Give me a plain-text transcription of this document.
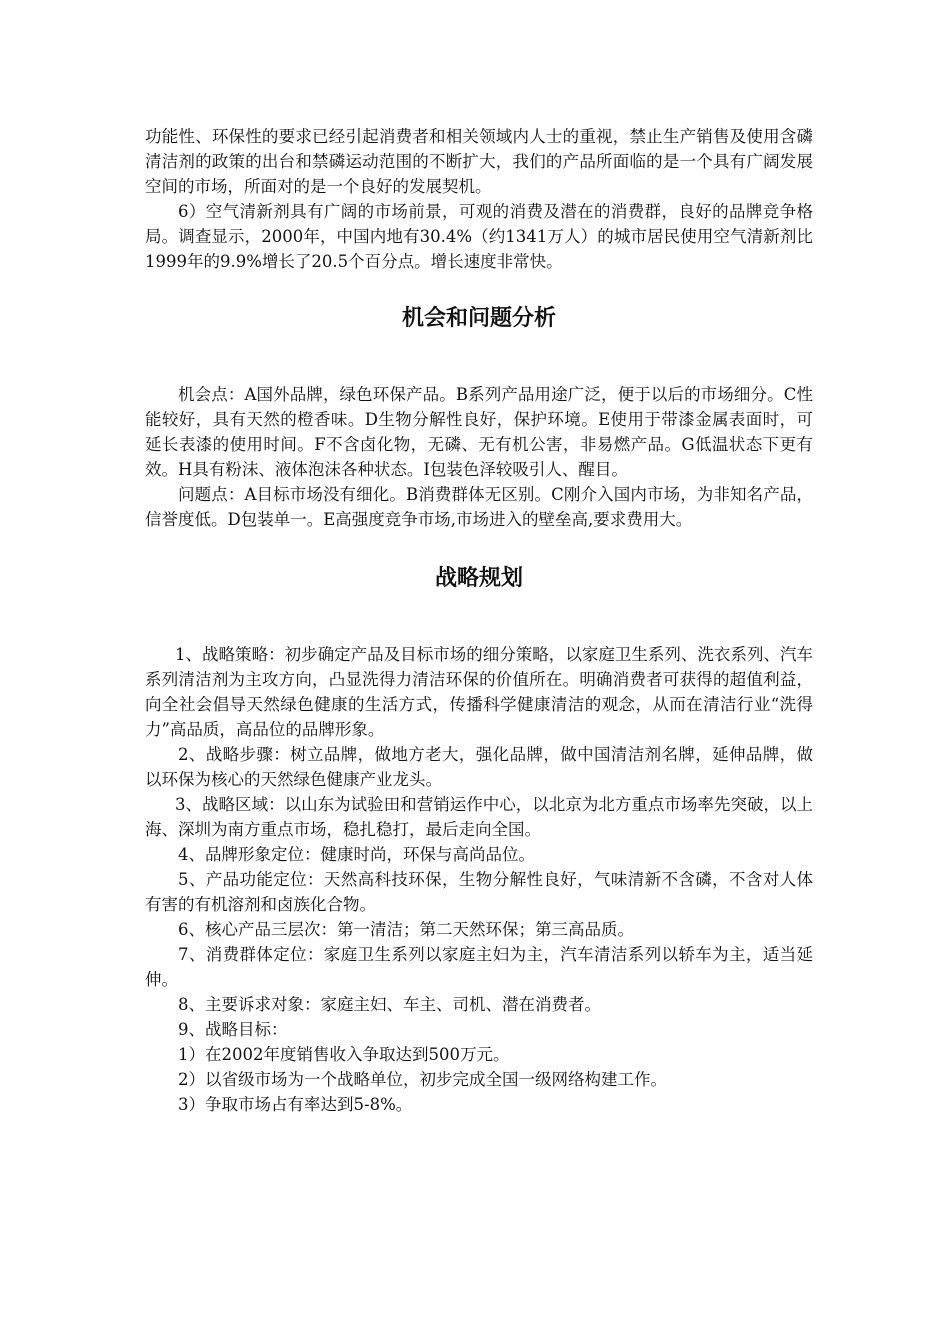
功能性、环保性的要求已经引起消费者和相关领域内人士的重视，禁止生产销售及使用含磷清洁剂的政策的出台和禁磷运动范围的不断扩大，我们的产品所面临的是一个具有广阔发展空间的市场，所面对的是一个良好的发展契机。

6）空气清新剂具有广阔的市场前景，可观的消费及潜在的消费群，良好的品牌竞争格局。调查显示，2000年，中国内地有30.4%（约1341万人）的城市居民使用空气清新剂比1999年的9.9%增长了20.5个百分点。增长速度非常快。

机会和问题分析

机会点：A国外品牌，绿色环保产品。B系列产品用途广泛，便于以后的市场细分。C性能较好，具有天然的橙香味。D生物分解性良好，保护环境。E使用于带漆金属表面时，可延长表漆的使用时间。F不含卤化物，无磷、无有机公害，非易燃产品。G低温状态下更有效。H具有粉沫、液体泡沫各种状态。I包装色泽较吸引人、醒目。

问题点：A目标市场没有细化。B消费群体无区别。C刚介入国内市场，为非知名产品，信誉度低。D包装单一。E高强度竞争市场,市场进入的壁垒高,要求费用大。

战略规划

1、战略策略：初步确定产品及目标市场的细分策略，以家庭卫生系列、洗衣系列、汽车系列清洁剂为主攻方向，凸显洗得力清洁环保的价值所在。明确消费者可获得的超值利益，向全社会倡导天然绿色健康的生活方式，传播科学健康清洁的观念，从而在清洁行业“洗得力”高品质，高品位的品牌形象。

2、战略步骤：树立品牌，做地方老大，强化品牌，做中国清洁剂名牌，延伸品牌，做以环保为核心的天然绿色健康产业龙头。

3、战略区域：以山东为试验田和营销运作中心，以北京为北方重点市场率先突破，以上海、深圳为南方重点市场，稳扎稳打，最后走向全国。

4、品牌形象定位：健康时尚，环保与高尚品位。

5、产品功能定位：天然高科技环保，生物分解性良好，气味清新不含磷，不含对人体有害的有机溶剂和卤族化合物。

6、核心产品三层次：第一清洁；第二天然环保；第三高品质。

7、消费群体定位：家庭卫生系列以家庭主妇为主，汽车清洁系列以轿车为主，适当延伸。

8、主要诉求对象：家庭主妇、车主、司机、潜在消费者。

9、战略目标：

1）在2002年度销售收入争取达到500万元。

2）以省级市场为一个战略单位，初步完成全国一级网络构建工作。

3）争取市场占有率达到5-8%。
